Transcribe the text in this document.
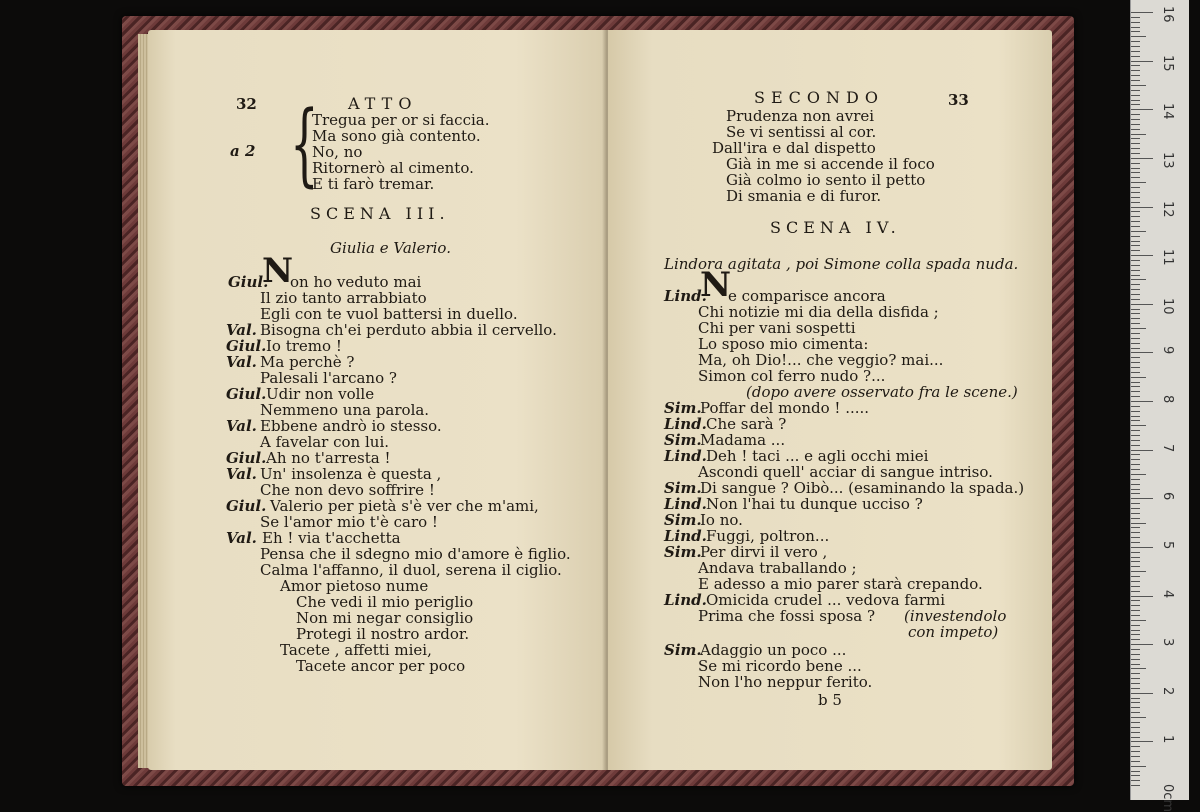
32	ATTO
a 2 {
Tregua per or si faccia.
Ma sono già contento.
No, no
Ritornerò al cimento.
E ti farò tremar.
SCENA III.
Giulia e Valerio.
Giul.
N
on ho veduto mai
Il zio tanto arrabbiato
Egli con te vuol battersi in duello.
Val. Bisogna ch'ei perduto abbia il cervello.
Giul. Io tremo !
Val. Ma perchè ?
Palesali l'arcano ?
Giul. Udir non volle
Nemmeno una parola.
Val. Ebbene andrò io stesso.
A favelar con lui.
Giul. Ah no t'arresta !
Val. Un' insolenza è questa ,
Che non devo soffrire !
Giul. Valerio per pietà s'è ver che m'ami,
Se l'amor mio t'è caro !
Val. Eh ! via t'acchetta
Pensa che il sdegno mio d'amore è figlio.
Calma l'affanno, il duol, serena il ciglio.
Amor pietoso nume
Che vedi il mio periglio
Non mi negar consiglio
Protegi il nostro ardor.
Tacete , affetti miei,
Tacete ancor per poco
SECONDO	33
Prudenza non avrei
Se vi sentissi al cor.
Dall'ira e dal dispetto
Già in me si accende il foco
Già colmo io sento il petto
Di smania e di furor.
SCENA IV.
Lindora agitata , poi Simone colla spada nuda.
Lind.
N
e comparisce ancora
Chi notizie mi dia della disfida ;
Chi per vani sospetti
Lo sposo mio cimenta:
Ma, oh Dio!... che veggio? mai...
Simon col ferro nudo ?...
(dopo avere osservato fra le scene.)
Sim.
Poffar del mondo ! .....
Lind. Che sarà ?
Sim.
Madama ...
Lind. Deh ! taci ... e agli occhi miei
Ascondi quell' acciar di sangue intriso.
Sim.
Di sangue ? Oibò... (esaminando la spada.)
Lind. Non l'hai tu dunque ucciso ?
Sim.
Io no.
Lind. Fuggi, poltron...
Sim.
Per dirvi il vero ,
Andava traballando ;
E adesso a mio parer starà crepando.
Lind. Omicida crudel ... vedova farmi
Prima che fossi sposa ? (investendolo
con impeto)
Sim.
Adaggio un poco ...
Se mi ricordo bene ...
Non l'ho neppur ferito.
b 5
16
15
14
13
12
11
10
9
8
7
6
5
4
3
2
1
0cm
